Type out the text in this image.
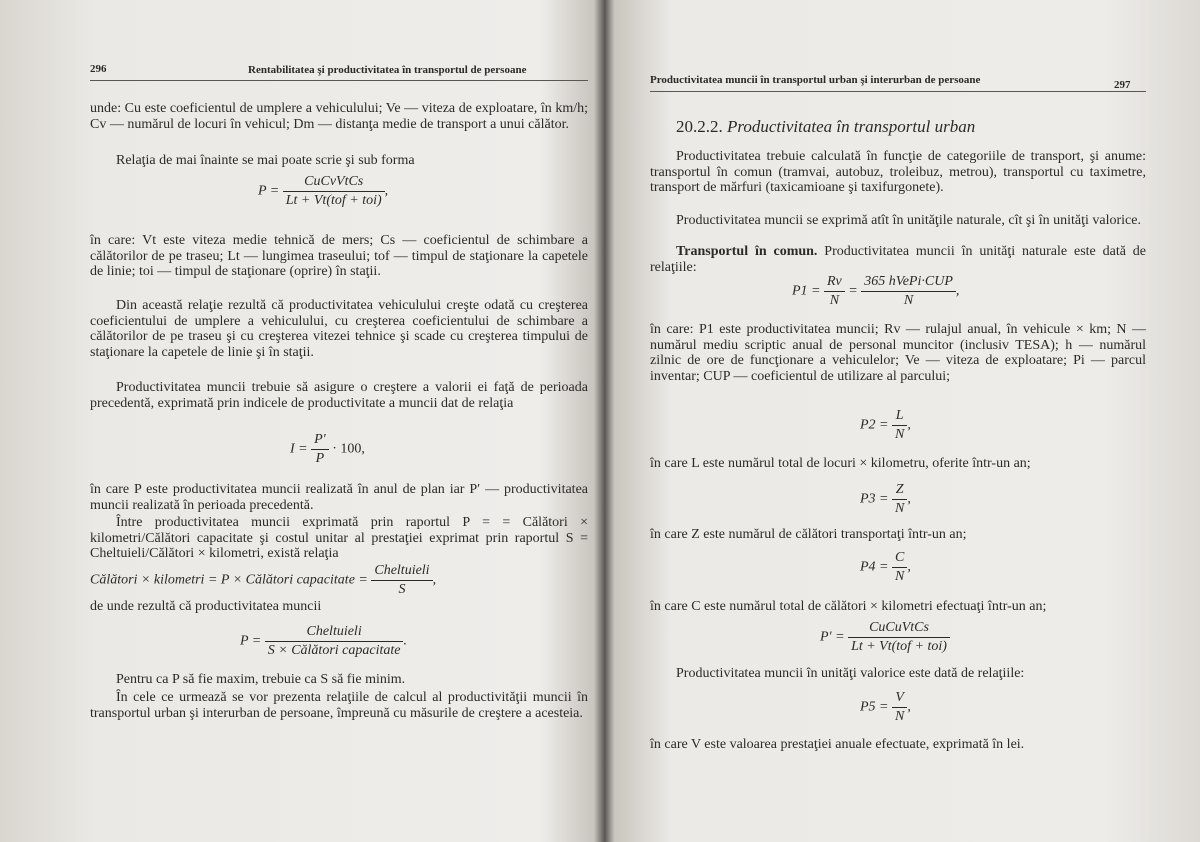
296	Rentabilitatea şi productivitatea în transportul de persoane
unde: Cu este coeficientul de umplere a vehiculului; Ve — viteza de exploatare, în km/h; Cv — numărul de locuri în vehicul; Dm — distanţa medie de transport a unui călător.
Relaţia de mai înainte se mai poate scrie şi sub forma
$P = \frac{\text{CuCvVtCs}}{\text{Lt + Vt(tof + toi)}}$ ,
în care: Vt este viteza medie tehnică de mers; Cs — coeficientul de schimbare a călătorilor de pe traseu; Lt — lungimea traseului; tof — timpul de staţionare la capetele de linie; toi — timpul de staţionare (oprire) în staţii.
Din această relaţie rezultă că productivitatea vehiculului creşte odată cu creşterea coeficientului de umplere a vehiculului, cu creşterea coeficientului de schimbare a călătorilor de pe traseu şi cu creşterea vitezei tehnice şi scade cu creşterea timpului de staţionare la capetele de linie şi în staţii.
Productivitatea muncii trebuie să asigure o creştere a valorii ei faţă de perioada precedentă, exprimată prin indicele de productivitate a muncii dat de relaţia
$I = \frac{P'}{P} \cdot 100$,
în care P este productivitatea muncii realizată în anul de plan iar P′ — productivitatea muncii realizată în perioada precedentă.
Între productivitatea muncii exprimată prin raportul P = = Călători × kilometri/Călători capacitate şi costul unitar al prestaţiei exprimat prin raportul S = Cheltuieli/Călători × kilometri, există relaţia
Călători × kilometri = P × Călători capacitate = $\frac{\text{Cheltuieli}}{S}$ ,
de unde rezultă că productivitatea muncii
$P = \frac{\text{Cheltuieli}}{\text{S × Călători capacitate}}$ .
Pentru ca P să fie maxim, trebuie ca S să fie minim.
În cele ce urmează se vor prezenta relaţiile de calcul al productivităţii muncii în transportul urban şi interurban de persoane, împreună cu măsurile de creştere a acesteia.
Productivitatea muncii în transportul urban şi interurban de persoane	297
20.2.2. Productivitatea în transportul urban
Productivitatea trebuie calculată în funcţie de categoriile de transport, şi anume: transportul în comun (tramvai, autobuz, troleibuz, metrou), transportul cu taximetre, transport de mărfuri (taxicamioane şi taxifurgonete).
Productivitatea muncii se exprimă atît în unităţile naturale, cît şi în unităţi valorice.
Transportul în comun. Productivitatea muncii în unităţi naturale este dată de relaţiile:
$P1 = \frac{Rv}{N} = \frac{\text{365 hVePi·CUP}}{N}$ ,
în care: P1 este productivitatea muncii; Rv — rulajul anual, în vehicule × km; N — numărul mediu scriptic anual de personal muncitor (inclusiv TESA); h — numărul zilnic de ore de funcţionare a vehiculelor; Ve — viteza de exploatare; Pi — parcul inventar; CUP — coeficientul de utilizare al parcului;
$P2 = \frac{L}{N}$ ,
în care L este numărul total de locuri × kilometru, oferite într-un an;
$P3 = \frac{Z}{N}$ ,
în care Z este numărul de călători transportaţi într-un an;
$P4 = \frac{C}{N}$ ,
în care C este numărul total de călători × kilometri efectuaţi într-un an;
$P' = \frac{\text{CuCuVtCs}}{\text{Lt + Vt(tof + toi)}}$
Productivitatea muncii în unităţi valorice este dată de relaţiile:
$P5 = \frac{V}{N}$ ,
în care V este valoarea prestaţiei anuale efectuate, exprimată în lei.
